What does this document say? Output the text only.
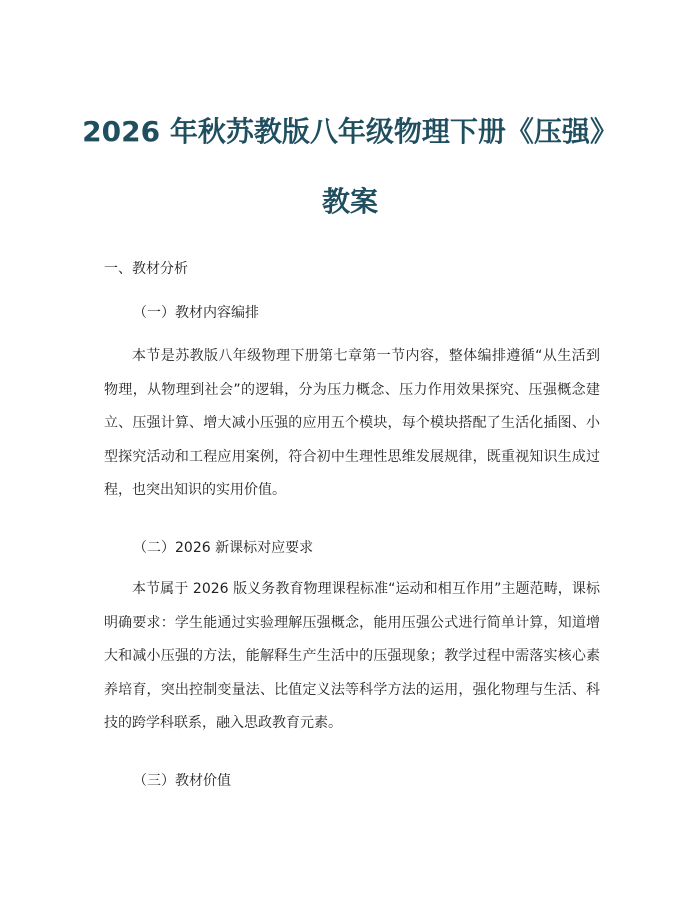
2026 年秋苏教版八年级物理下册《压强》
教案

一、教材分析

（一）教材内容编排

本节是苏教版八年级物理下册第七章第一节内容，整体编排遵循“从生活到物理，从物理到社会”的逻辑，分为压力概念、压力作用效果探究、压强概念建立、压强计算、增大减小压强的应用五个模块，每个模块搭配了生活化插图、小型探究活动和工程应用案例，符合初中生理性思维发展规律，既重视知识生成过程，也突出知识的实用价值。

（二）2026 新课标对应要求

本节属于 2026 版义务教育物理课程标准“运动和相互作用”主题范畴，课标明确要求：学生能通过实验理解压强概念，能用压强公式进行简单计算，知道增大和减小压强的方法，能解释生产生活中的压强现象；教学过程中需落实核心素养培育，突出控制变量法、比值定义法等科学方法的运用，强化物理与生活、科技的跨学科联系，融入思政教育元素。

（三）教材价值
